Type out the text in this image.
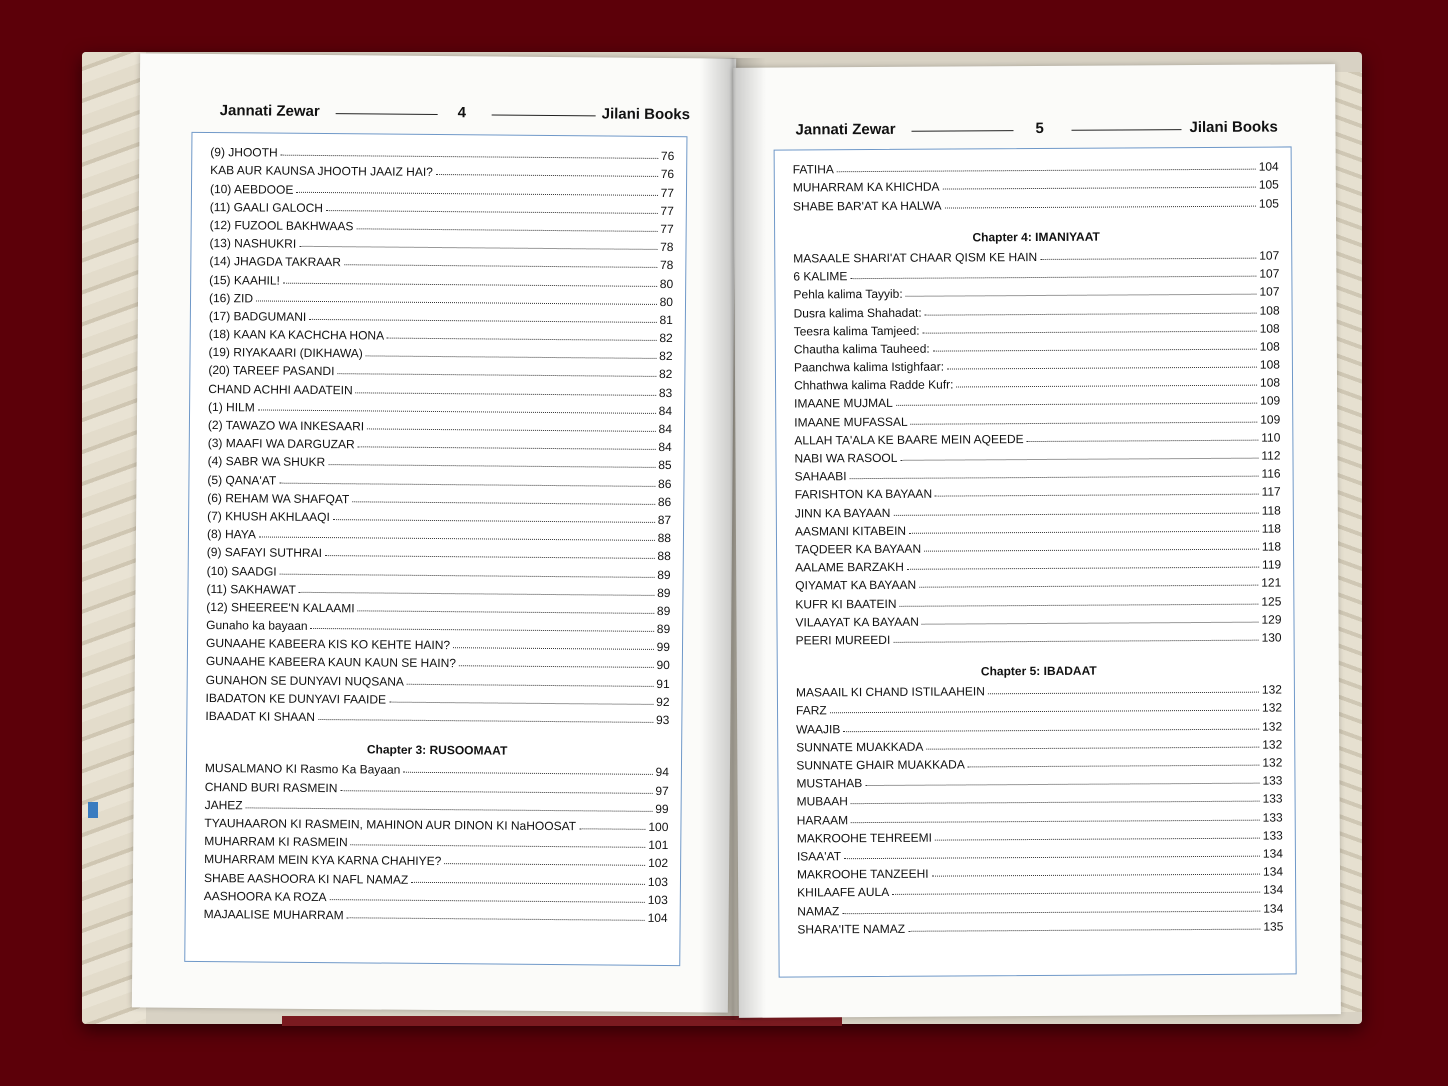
Jannati Zewar	4	Jilani Books
(9) JHOOTH	76
KAB AUR KAUNSA JHOOTH JAAIZ HAI?	76
(10) AEBDOOE	77
(11) GAALI GALOCH	77
(12) FUZOOL BAKHWAAS	77
(13) NASHUKRI	78
(14) JHAGDA TAKRAAR	78
(15) KAAHIL!	80
(16) ZID	80
(17) BADGUMANI	81
(18) KAAN KA KACHCHA HONA	82
(19) RIYAKAARI (DIKHAWA)	82
(20) TAREEF PASANDI	82
CHAND ACHHI AADATEIN	83
(1) HILM	84
(2) TAWAZO WA INKESAARI	84
(3) MAAFI WA DARGUZAR	84
(4) SABR WA SHUKR	85
(5) QANA'AT	86
(6) REHAM WA SHAFQAT	86
(7) KHUSH AKHLAAQI	87
(8) HAYA	88
(9) SAFAYI SUTHRAI	88
(10) SAADGI	89
(11) SAKHAWAT	89
(12) SHEEREE'N KALAAMI	89
Gunaho ka bayaan	89
GUNAAHE KABEERA KIS KO KEHTE HAIN?	99
GUNAAHE KABEERA KAUN KAUN SE HAIN?	90
GUNAHON SE DUNYAVI NUQSANA	91
IBADATON KE DUNYAVI FAAIDE	92
IBAADAT KI SHAAN	93
Chapter 3: RUSOOMAAT
MUSALMANO KI Rasmo Ka Bayaan	94
CHAND BURI RASMEIN	97
JAHEZ	99
TYAUHAARON KI RASMEIN, MAHINON AUR DINON KI NaHOOSAT	100
MUHARRAM KI RASMEIN	101
MUHARRAM MEIN KYA KARNA CHAHIYE?	102
SHABE AASHOORA KI NAFL NAMAZ	103
AASHOORA KA ROZA	103
MAJAALISE MUHARRAM	104
Jannati Zewar	5	Jilani Books
FATIHA	104
MUHARRAM KA KHICHDA	105
SHABE BAR'AT KA HALWA	105
Chapter 4: IMANIYAAT
MASAALE SHARI'AT CHAAR QISM KE HAIN	107
6 KALIME	107
Pehla kalima Tayyib:	107
Dusra kalima Shahadat:	108
Teesra kalima Tamjeed:	108
Chautha kalima Tauheed:	108
Paanchwa kalima Istighfaar:	108
Chhathwa kalima Radde Kufr:	108
IMAANE MUJMAL	109
IMAANE MUFASSAL	109
ALLAH TA'ALA KE BAARE MEIN AQEEDE	110
NABI WA RASOOL	112
SAHAABI	116
FARISHTON KA BAYAAN	117
JINN KA BAYAAN	118
AASMANI KITABEIN	118
TAQDEER KA BAYAAN	118
AALAME BARZAKH	119
QIYAMAT KA BAYAAN	121
KUFR KI BAATEIN	125
VILAAYAT KA BAYAAN	129
PEERI MUREEDI	130
Chapter 5: IBADAAT
MASAAIL KI CHAND ISTILAAHEIN	132
FARZ	132
WAAJIB	132
SUNNATE MUAKKADA	132
SUNNATE GHAIR MUAKKADA	132
MUSTAHAB	133
MUBAAH	133
HARAAM	133
MAKROOHE TEHREEMI	133
ISAA'AT	134
MAKROOHE TANZEEHI	134
KHILAAFE AULA	134
NAMAZ	134
SHARA'ITE NAMAZ	135
